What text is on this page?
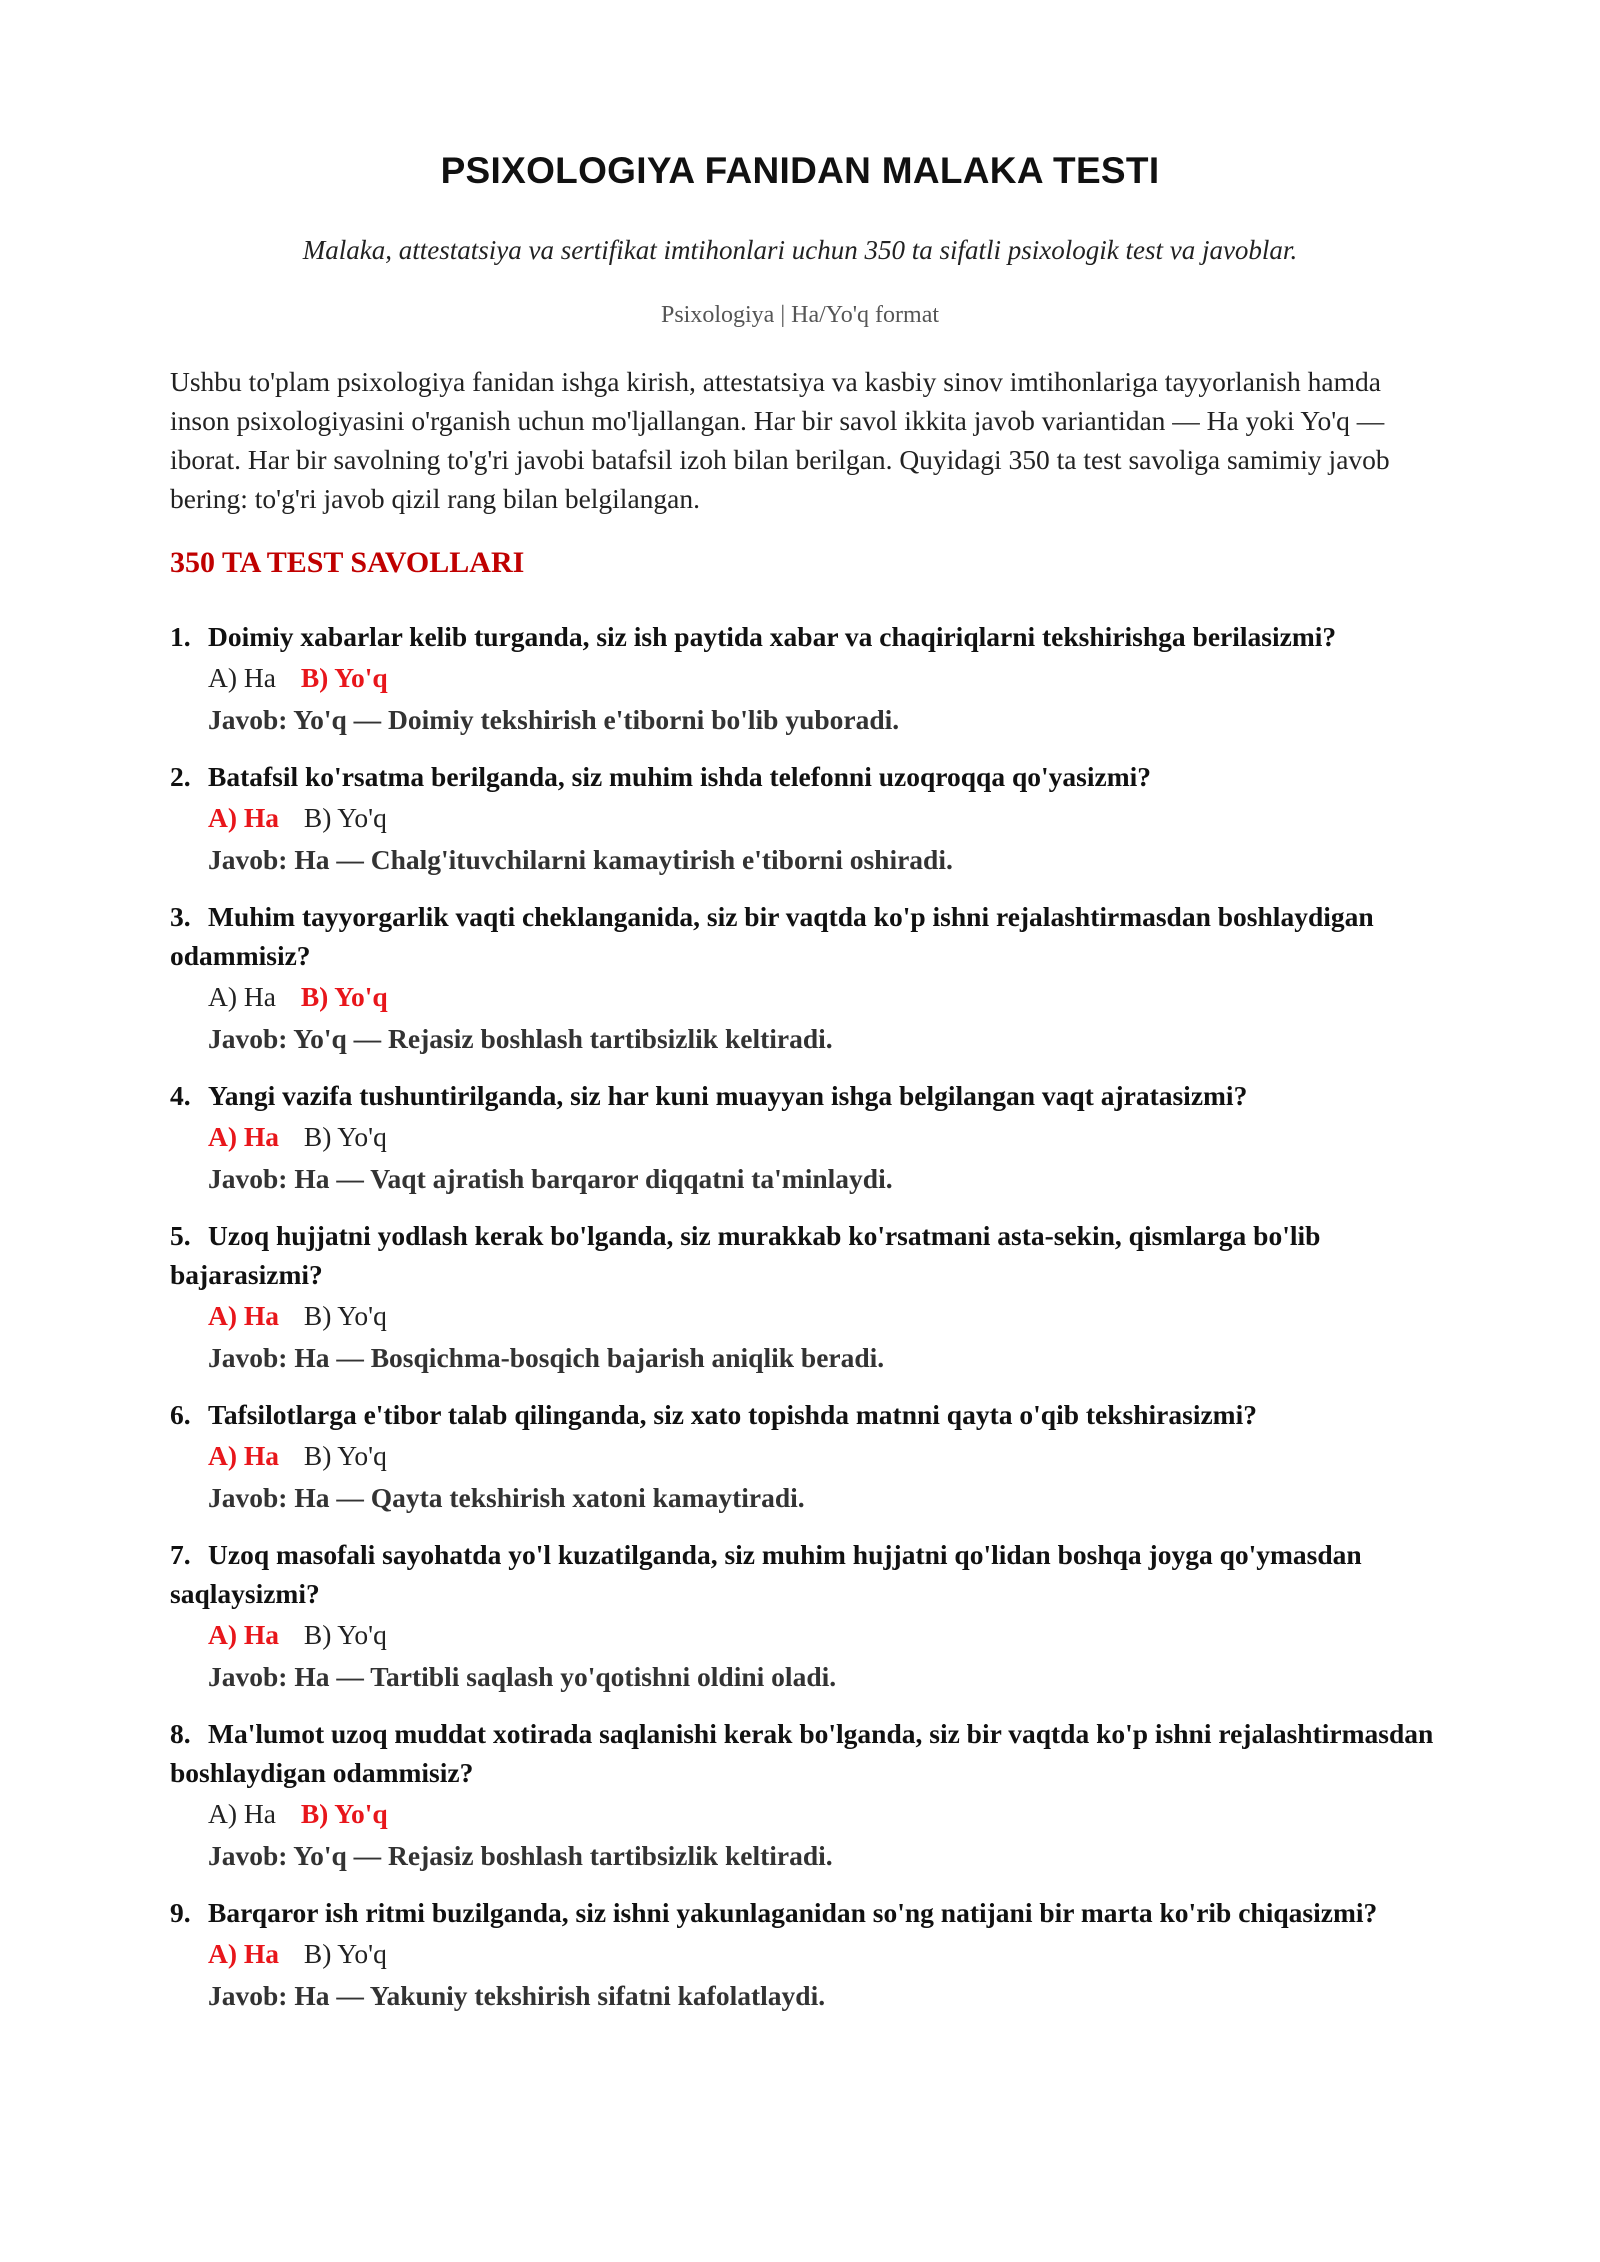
PSIXOLOGIYA FANIDAN MALAKA TESTI
Malaka, attestatsiya va sertifikat imtihonlari uchun 350 ta sifatli psixologik test va javoblar.
Psixologiya | Ha/Yo'q format
Ushbu to'plam psixologiya fanidan ishga kirish, attestatsiya va kasbiy sinov imtihonlariga tayyorlanish hamda inson psixologiyasini o'rganish uchun mo'ljallangan. Har bir savol ikkita javob variantidan — Ha yoki Yo'q — iborat. Har bir savolning to'g'ri javobi batafsil izoh bilan berilgan. Quyidagi 350 ta test savoliga samimiy javob bering: to'g'ri javob qizil rang bilan belgilangan.
350 TA TEST SAVOLLARI
1. Doimiy xabarlar kelib turganda, siz ish paytida xabar va chaqiriqlarni tekshirishga berilasizmi?
A) Ha B) Yo'q
Javob: Yo'q — Doimiy tekshirish e'tiborni bo'lib yuboradi.
2. Batafsil ko'rsatma berilganda, siz muhim ishda telefonni uzoqroqqa qo'yasizmi?
A) Ha B) Yo'q
Javob: Ha — Chalg'ituvchilarni kamaytirish e'tiborni oshiradi.
3. Muhim tayyorgarlik vaqti cheklanganida, siz bir vaqtda ko'p ishni rejalashtirmasdan boshlaydigan odammisiz?
A) Ha B) Yo'q
Javob: Yo'q — Rejasiz boshlash tartibsizlik keltiradi.
4. Yangi vazifa tushuntirilganda, siz har kuni muayyan ishga belgilangan vaqt ajratasizmi?
A) Ha B) Yo'q
Javob: Ha — Vaqt ajratish barqaror diqqatni ta'minlaydi.
5. Uzoq hujjatni yodlash kerak bo'lganda, siz murakkab ko'rsatmani asta-sekin, qismlarga bo'lib bajarasizmi?
A) Ha B) Yo'q
Javob: Ha — Bosqichma-bosqich bajarish aniqlik beradi.
6. Tafsilotlarga e'tibor talab qilinganda, siz xato topishda matnni qayta o'qib tekshirasizmi?
A) Ha B) Yo'q
Javob: Ha — Qayta tekshirish xatoni kamaytiradi.
7. Uzoq masofali sayohatda yo'l kuzatilganda, siz muhim hujjatni qo'lidan boshqa joyga qo'ymasdan saqlaysizmi?
A) Ha B) Yo'q
Javob: Ha — Tartibli saqlash yo'qotishni oldini oladi.
8. Ma'lumot uzoq muddat xotirada saqlanishi kerak bo'lganda, siz bir vaqtda ko'p ishni rejalashtirmasdan boshlaydigan odammisiz?
A) Ha B) Yo'q
Javob: Yo'q — Rejasiz boshlash tartibsizlik keltiradi.
9. Barqaror ish ritmi buzilganda, siz ishni yakunlaganidan so'ng natijani bir marta ko'rib chiqasizmi?
A) Ha B) Yo'q
Javob: Ha — Yakuniy tekshirish sifatni kafolatlaydi.
